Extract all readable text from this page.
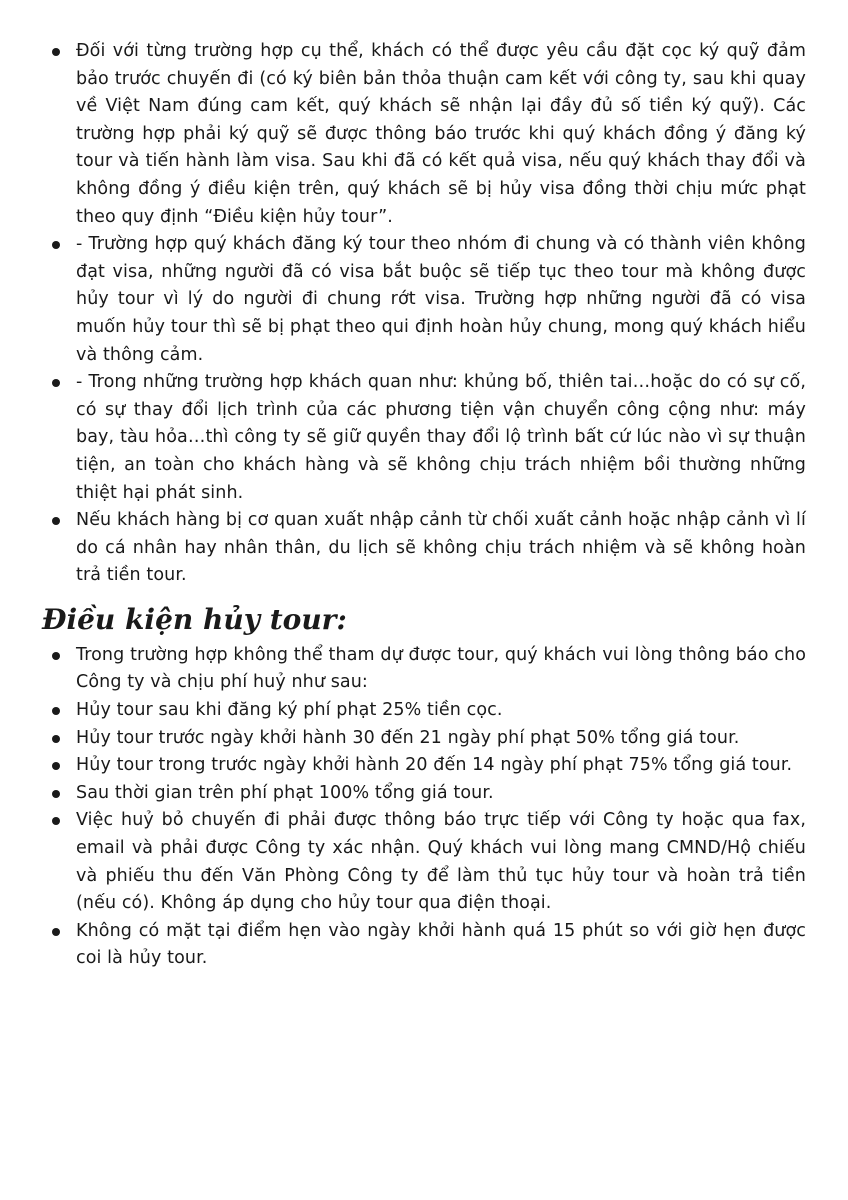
Đối với từng trường hợp cụ thể, khách có thể được yêu cầu đặt cọc ký quỹ đảm bảo trước chuyến đi (có ký biên bản thỏa thuận cam kết với công ty, sau khi quay về Việt Nam đúng cam kết, quý khách sẽ nhận lại đầy đủ số tiền ký quỹ). Các trường hợp phải ký quỹ sẽ được thông báo trước khi quý khách đồng ý đăng ký tour và tiến hành làm visa. Sau khi đã có kết quả visa, nếu quý khách thay đổi và không đồng ý điều kiện trên, quý khách sẽ bị hủy visa đồng thời chịu mức phạt theo quy định “Điều kiện hủy tour”.
- Trường hợp quý khách đăng ký tour theo nhóm đi chung và có thành viên không đạt visa, những người đã có visa bắt buộc sẽ tiếp tục theo tour mà không được hủy tour vì lý do người đi chung rớt visa. Trường hợp những người đã có visa muốn hủy tour thì sẽ bị phạt theo qui định hoàn hủy chung, mong quý khách hiểu và thông cảm.
- Trong những trường hợp khách quan như: khủng bố, thiên tai…hoặc do có sự cố, có sự thay đổi lịch trình của các phương tiện vận chuyển công cộng như: máy bay, tàu hỏa…thì công ty sẽ giữ quyền thay đổi lộ trình bất cứ lúc nào vì sự thuận tiện, an toàn cho khách hàng và sẽ không chịu trách nhiệm bồi thường những thiệt hại phát sinh.
Nếu khách hàng bị cơ quan xuất nhập cảnh từ chối xuất cảnh hoặc nhập cảnh vì lí do cá nhân hay nhân thân, du lịch sẽ không chịu trách nhiệm và sẽ không hoàn trả tiền tour.
Điều kiện hủy tour:
Trong trường hợp không thể tham dự được tour, quý khách vui lòng thông báo cho Công ty và chịu phí huỷ như sau:
Hủy tour sau khi đăng ký phí phạt 25% tiền cọc.
Hủy tour trước ngày khởi hành 30 đến 21 ngày phí phạt 50% tổng giá tour.
Hủy tour trong trước ngày khởi hành 20 đến 14 ngày phí phạt 75% tổng giá tour.
Sau thời gian trên phí phạt 100% tổng giá tour.
Việc huỷ bỏ chuyến đi phải được thông báo trực tiếp với Công ty hoặc qua fax, email và phải được Công ty xác nhận. Quý khách vui lòng mang CMND/Hộ chiếu và phiếu thu đến Văn Phòng Công ty để làm thủ tục hủy tour và hoàn trả tiền (nếu có). Không áp dụng cho hủy tour qua điện thoại.
Không có mặt tại điểm hẹn vào ngày khởi hành quá 15 phút so với giờ hẹn được coi là hủy tour.
